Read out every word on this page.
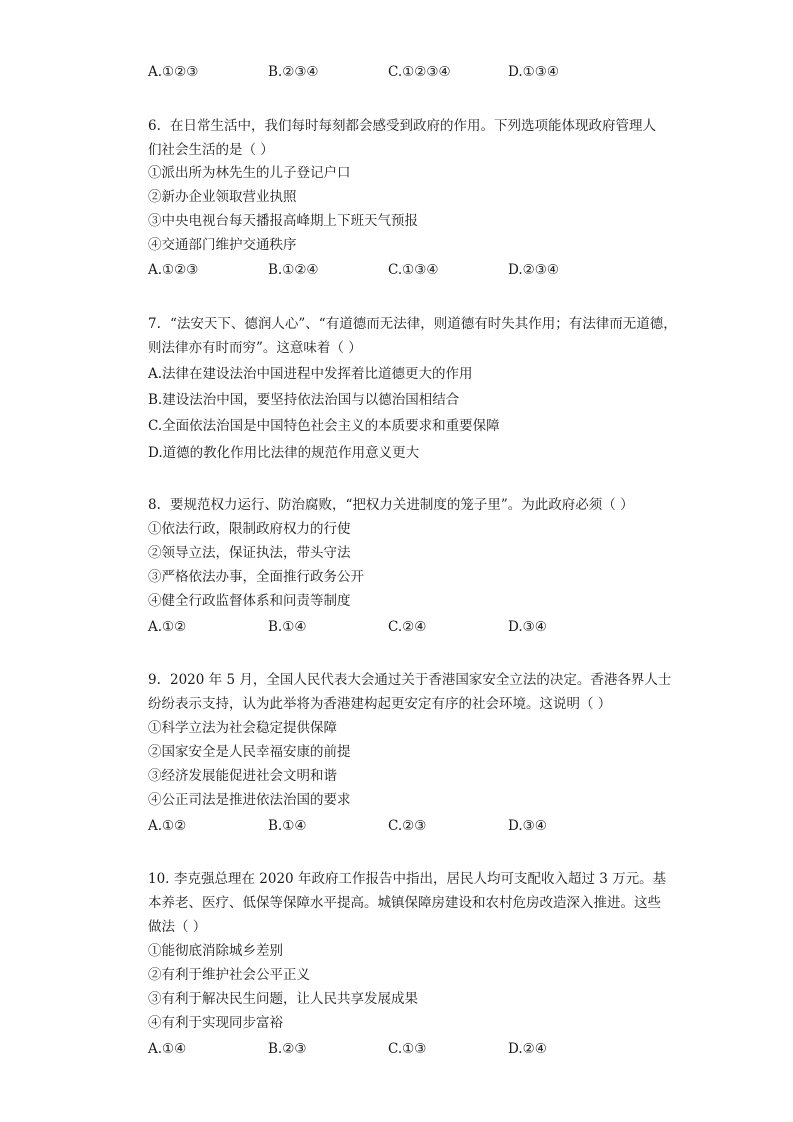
A.①②③	B.②③④	C.①②③④	D.①③④
6. 在日常生活中，我们每时每刻都会感受到政府的作用。下列选项能体现政府管理人
们社会生活的是（ ）
①派出所为林先生的儿子登记户口
②新办企业领取营业执照
③中央电视台每天播报高峰期上下班天气预报
④交通部门维护交通秩序
A.①②③	B.①②④	C.①③④	D.②③④
7. “法安天下、德润人心”、“有道德而无法律，则道德有时失其作用；有法律而无道德，
则法律亦有时而穷”。这意味着（ ）
A.法律在建设法治中国进程中发挥着比道德更大的作用
B.建设法治中国，要坚持依法治国与以德治国相结合
C.全面依法治国是中国特色社会主义的本质要求和重要保障
D.道德的教化作用比法律的规范作用意义更大
8. 要规范权力运行、防治腐败，“把权力关进制度的笼子里”。为此政府必须（ ）
①依法行政，限制政府权力的行使
②领导立法，保证执法，带头守法
③严格依法办事，全面推行政务公开
④健全行政监督体系和问责等制度
A.①②	B.①④	C.②④	D.③④
9. 2020 年 5 月，全国人民代表大会通过关于香港国家安全立法的决定。香港各界人士
纷纷表示支持，认为此举将为香港建构起更安定有序的社会环境。这说明（ ）
①科学立法为社会稳定提供保障
②国家安全是人民幸福安康的前提
③经济发展能促进社会文明和谐
④公正司法是推进依法治国的要求
A.①②	B.①④	C.②③	D.③④
10. 李克强总理在 2020 年政府工作报告中指出，居民人均可支配收入超过 3 万元。基
本养老、医疗、低保等保障水平提高。城镇保障房建设和农村危房改造深入推进。这些
做法（ ）
①能彻底消除城乡差别
②有利于维护社会公平正义
③有利于解决民生问题，让人民共享发展成果
④有利于实现同步富裕
A.①④	B.②③	C.①③	D.②④
